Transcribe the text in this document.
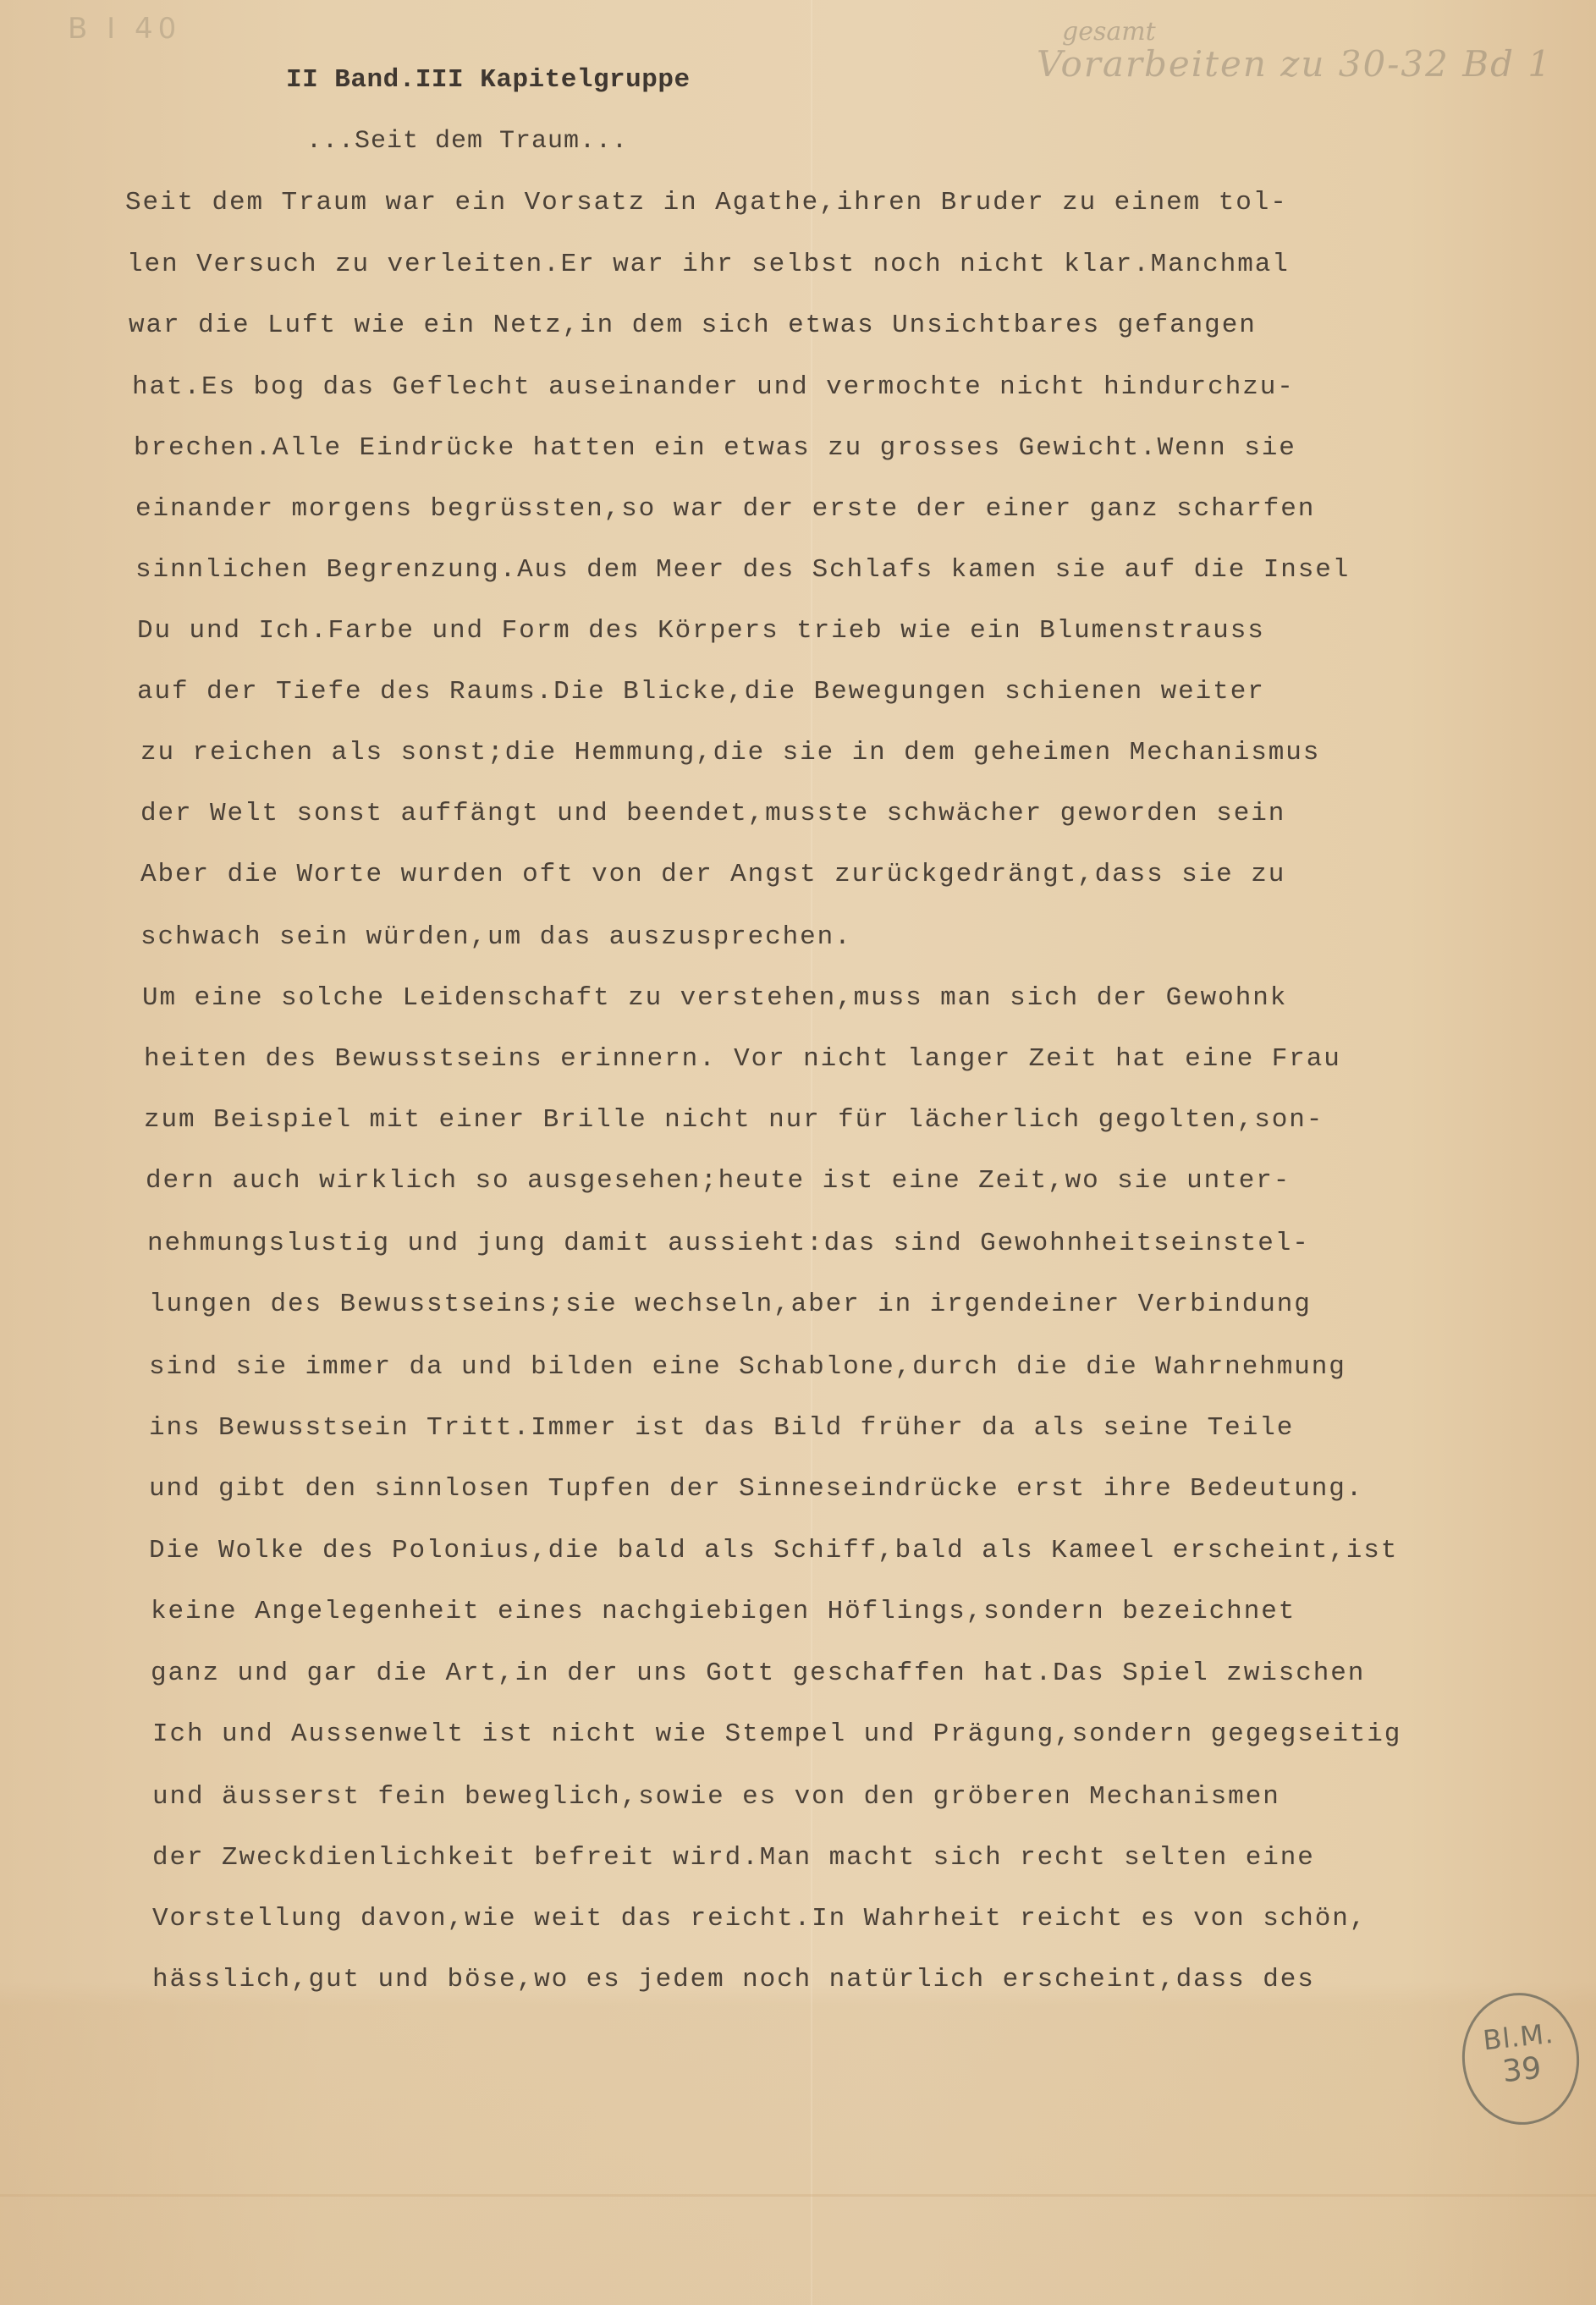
B I 40	gesamt
Vorarbeiten zu 30-32 Bd 1
II Band.III Kapitelgruppe
...Seit dem Traum...
Seit dem Traum war ein Vorsatz in Agathe,ihren Bruder zu einem tol-
len Versuch zu verleiten.Er war ihr selbst noch nicht klar.Manchmal
war die Luft wie ein Netz,in dem sich etwas Unsichtbares gefangen
hat.Es bog das Geflecht auseinander und vermochte nicht hindurchzu-
brechen.Alle Eindrücke hatten ein etwas zu grosses Gewicht.Wenn sie
einander morgens begrüssten,so war der erste der einer ganz scharfen
sinnlichen Begrenzung.Aus dem Meer des Schlafs kamen sie auf die Insel
Du und Ich.Farbe und Form des Körpers trieb wie ein Blumenstrauss
auf der Tiefe des Raums.Die Blicke,die Bewegungen schienen weiter
zu reichen als sonst;die Hemmung,die sie in dem geheimen Mechanismus
der Welt sonst auffängt und beendet,musste schwächer geworden sein
Aber die Worte wurden oft von der Angst zurückgedrängt,dass sie zu
schwach sein würden,um das auszusprechen.
Um eine solche Leidenschaft zu verstehen,muss man sich der Gewohnk
heiten des Bewusstseins erinnern. Vor nicht langer Zeit hat eine Frau
zum Beispiel mit einer Brille nicht nur für lächerlich gegolten,son-
dern auch wirklich so ausgesehen;heute ist eine Zeit,wo sie unter-
nehmungslustig und jung damit aussieht:das sind Gewohnheitseinstel-
lungen des Bewusstseins;sie wechseln,aber in irgendeiner Verbindung
sind sie immer da und bilden eine Schablone,durch die die Wahrnehmung
ins Bewusstsein Tritt.Immer ist das Bild früher da als seine Teile
und gibt den sinnlosen Tupfen der Sinneseindrücke erst ihre Bedeutung.
Die Wolke des Polonius,die bald als Schiff,bald als Kameel erscheint,ist
keine Angelegenheit eines nachgiebigen Höflings,sondern bezeichnet
ganz und gar die Art,in der uns Gott geschaffen hat.Das Spiel zwischen
Ich und Aussenwelt ist nicht wie Stempel und Prägung,sondern gegegseitig
und äusserst fein beweglich,sowie es von den gröberen Mechanismen
der Zweckdienlichkeit befreit wird.Man macht sich recht selten eine
Vorstellung davon,wie weit das reicht.In Wahrheit reicht es von schön,
hässlich,gut und böse,wo es jedem noch natürlich erscheint,dass des
Bl.M.
39
